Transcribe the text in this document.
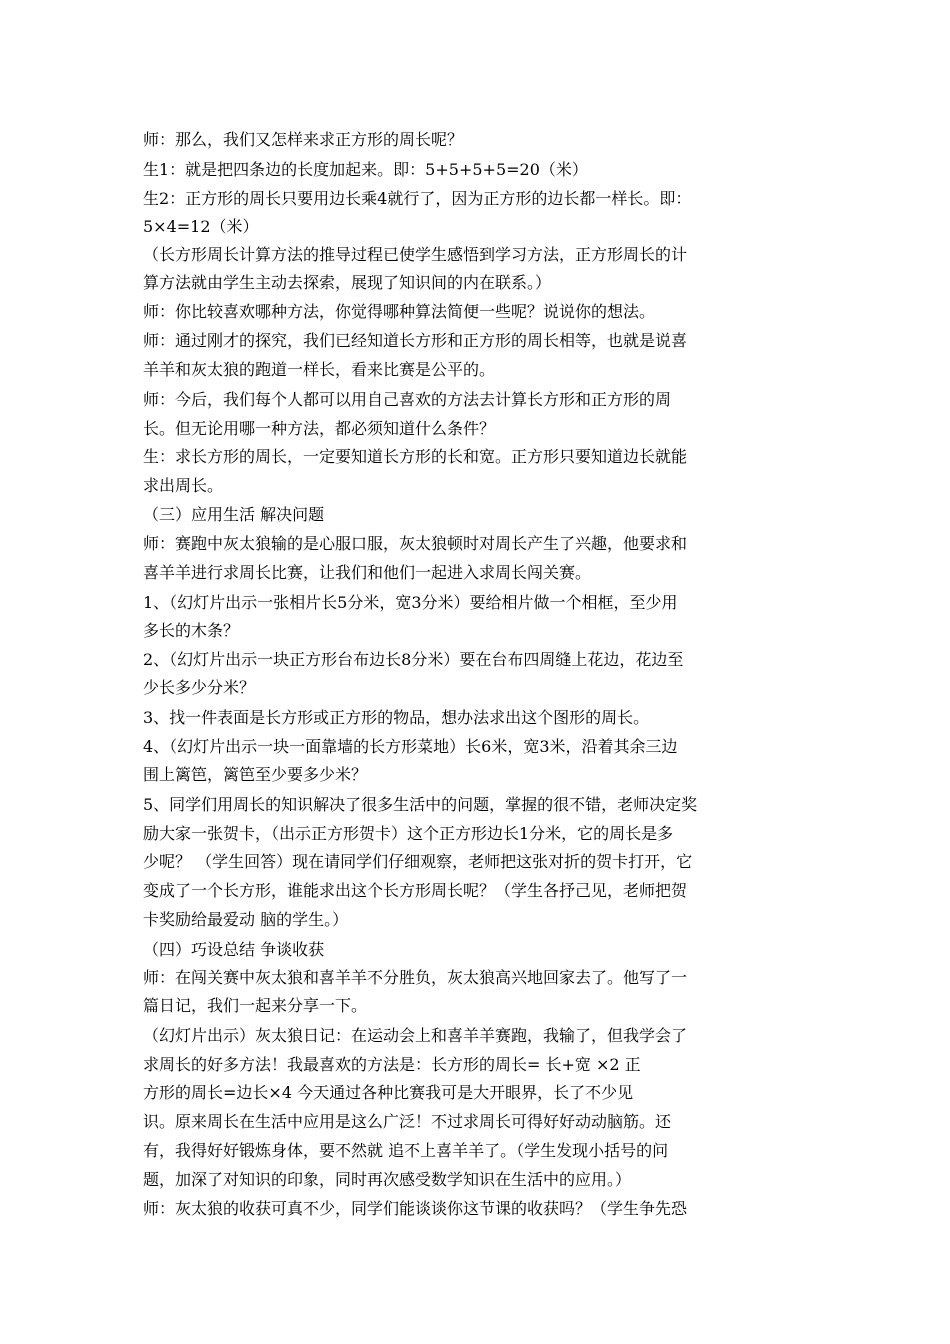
师：那么，我们又怎样来求正方形的周长呢？

生1：就是把四条边的长度加起来。即：5+5+5+5=20（米）

生2：正方形的周长只要用边长乘4就行了，因为正方形的边长都一样长。即：

5×4=12（米）

（长方形周长计算方法的推导过程已使学生感悟到学习方法，正方形周长的计

算方法就由学生主动去探索，展现了知识间的内在联系。）

师：你比较喜欢哪种方法，你觉得哪种算法简便一些呢？说说你的想法。

师：通过刚才的探究，我们已经知道长方形和正方形的周长相等，也就是说喜

羊羊和灰太狼的跑道一样长，看来比赛是公平的。

师：今后，我们每个人都可以用自己喜欢的方法去计算长方形和正方形的周

长。但无论用哪一种方法，都必须知道什么条件？

生：求长方形的周长，一定要知道长方形的长和宽。正方形只要知道边长就能

求出周长。

（三）应用生活 解决问题

师：赛跑中灰太狼输的是心服口服，灰太狼顿时对周长产生了兴趣，他要求和

喜羊羊进行求周长比赛，让我们和他们一起进入求周长闯关赛。

1、（幻灯片出示一张相片长5分米，宽3分米）要给相片做一个相框，至少用

多长的木条？

2、（幻灯片出示一块正方形台布边长8分米）要在台布四周缝上花边，花边至

少长多少分米？

3、找一件表面是长方形或正方形的物品，想办法求出这个图形的周长。

4、（幻灯片出示一块一面靠墙的长方形菜地）长6米，宽3米，沿着其余三边

围上篱笆，篱笆至少要多少米？

5、同学们用周长的知识解决了很多生活中的问题，掌握的很不错，老师决定奖

励大家一张贺卡，（出示正方形贺卡）这个正方形边长1分米，它的周长是多

少呢？ （学生回答）现在请同学们仔细观察，老师把这张对折的贺卡打开，它

变成了一个长方形，谁能求出这个长方形周长呢？（学生各抒己见，老师把贺

卡奖励给最爱动 脑的学生。）

（四）巧设总结 争谈收获

师：在闯关赛中灰太狼和喜羊羊不分胜负，灰太狼高兴地回家去了。他写了一

篇日记，我们一起来分享一下。

（幻灯片出示）灰太狼日记：在运动会上和喜羊羊赛跑，我输了，但我学会了

求周长的好多方法！我最喜欢的方法是：长方形的周长= 长+宽 ×2 正

方形的周长=边长×4 今天通过各种比赛我可是大开眼界，长了不少见

识。原来周长在生活中应用是这么广泛！不过求周长可得好好动动脑筋。还

有，我得好好锻炼身体，要不然就 追不上喜羊羊了。（学生发现小括号的问

题，加深了对知识的印象，同时再次感受数学知识在生活中的应用。）

师：灰太狼的收获可真不少，同学们能谈谈你这节课的收获吗？（学生争先恐
